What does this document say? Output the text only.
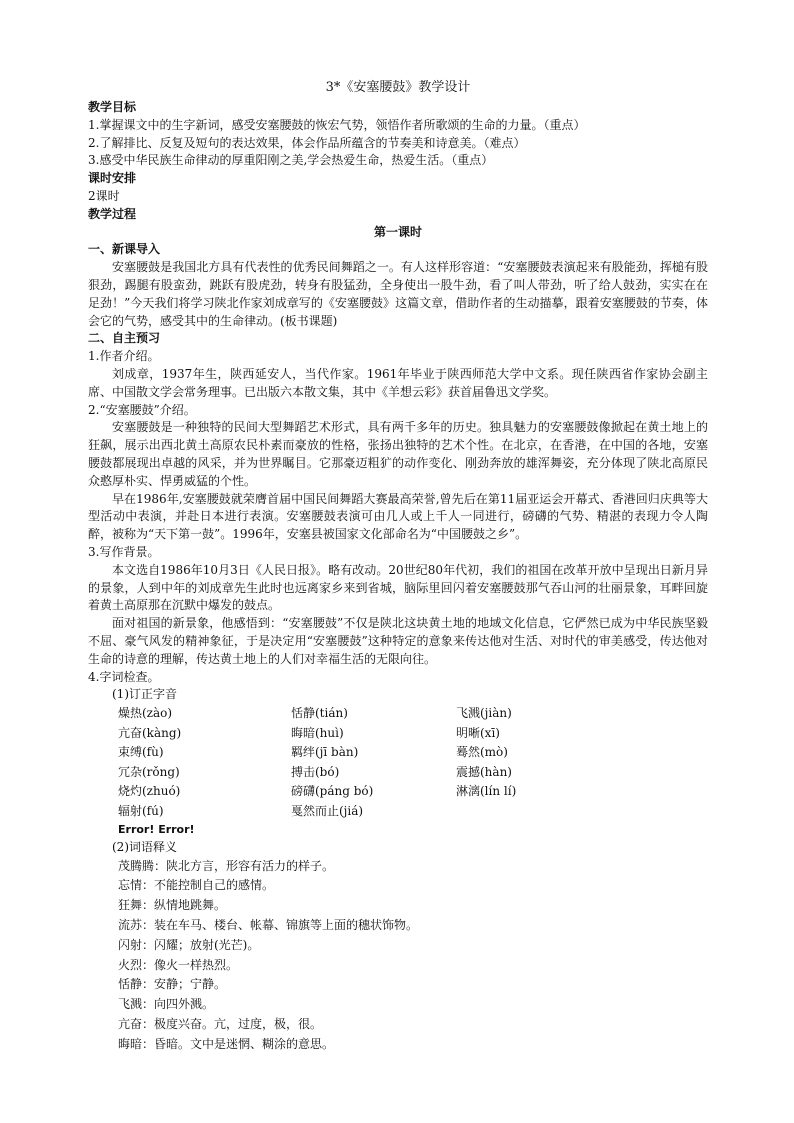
3*《安塞腰鼓》教学设计
教学目标
1.掌握课文中的生字新词，感受安塞腰鼓的恢宏气势，领悟作者所歌颂的生命的力量。（重点）
2.了解排比、反复及短句的表达效果，体会作品所蕴含的节奏美和诗意美。（难点）
3.感受中华民族生命律动的厚重阳刚之美,学会热爱生命，热爱生活。（重点）
课时安排
2课时
教学过程
第一课时
一、新课导入

安塞腰鼓是我国北方具有代表性的优秀民间舞蹈之一。有人这样形容道：“安塞腰鼓表演起来有股能劲，挥槌有股狠劲，踢腿有股蛮劲，跳跃有股虎劲，转身有股猛劲，全身使出一股牛劲，看了叫人带劲，听了给人鼓劲，实实在在足劲！”今天我们将学习陕北作家刘成章写的《安塞腰鼓》这篇文章，借助作者的生动描摹，跟着安塞腰鼓的节奏，体会它的气势，感受其中的生命律动。(板书课题)

二、自主预习
1.作者介绍。

刘成章，1937年生，陕西延安人，当代作家。1961年毕业于陕西师范大学中文系。现任陕西省作家协会副主席、中国散文学会常务理事。已出版六本散文集，其中《羊想云彩》获首届鲁迅文学奖。

2.“安塞腰鼓”介绍。

安塞腰鼓是一种独特的民间大型舞蹈艺术形式，具有两千多年的历史。独具魅力的安塞腰鼓像掀起在黄土地上的狂飙，展示出西北黄土高原农民朴素而豪放的性格，张扬出独特的艺术个性。在北京，在香港，在中国的各地，安塞腰鼓都展现出卓越的风采，并为世界瞩目。它那豪迈粗犷的动作变化、刚劲奔放的雄浑舞姿，充分体现了陕北高原民众憨厚朴实、悍勇威猛的个性。

早在1986年,安塞腰鼓就荣膺首届中国民间舞蹈大赛最高荣誉,曾先后在第11届亚运会开幕式、香港回归庆典等大型活动中表演，并赴日本进行表演。安塞腰鼓表演可由几人或上千人一同进行，磅礴的气势、精湛的表现力令人陶醉，被称为“天下第一鼓”。1996年，安塞县被国家文化部命名为“中国腰鼓之乡”。

3.写作背景。

本文选自1986年10月3日《人民日报》。略有改动。20世纪80年代初，我们的祖国在改革开放中呈现出日新月异的景象，人到中年的刘成章先生此时也远离家乡来到省城，脑际里回闪着安塞腰鼓那气吞山河的壮丽景象，耳畔回旋着黄土高原那在沉默中爆发的鼓点。

面对祖国的新景象，他感悟到：“安塞腰鼓”不仅是陕北这块黄土地的地域文化信息，它俨然已成为中华民族坚毅不屈、豪气风发的精神象征，于是决定用“安塞腰鼓”这种特定的意象来传达他对生活、对时代的审美感受，传达他对生命的诗意的理解，传达黄土地上的人们对幸福生活的无限向往。

4.字词检查。
(1)订正字音
燥热(zào)	恬静(tián)	飞溅(jiàn)
亢奋(kàng)	晦暗(huì)	明晰(xī)
束缚(fù)	羁绊(jī bàn)	蓦然(mò)
冗杂(rǒng)	搏击(bó)	震撼(hàn)
烧灼(zhuó)	磅礴(páng bó)	淋漓(lín lí)
辐射(fú)	戛然而止(jiá)
Error! Error!
(2)词语释义
茂腾腾：陕北方言，形容有活力的样子。
忘情：不能控制自己的感情。
狂舞：纵情地跳舞。
流苏：装在车马、楼台、帐幕、锦旗等上面的穗状饰物。
闪射：闪耀；放射(光芒)。
火烈：像火一样热烈。
恬静：安静；宁静。
飞溅：向四外溅。
亢奋：极度兴奋。亢，过度，极，很。
晦暗：昏暗。文中是迷惘、糊涂的意思。
